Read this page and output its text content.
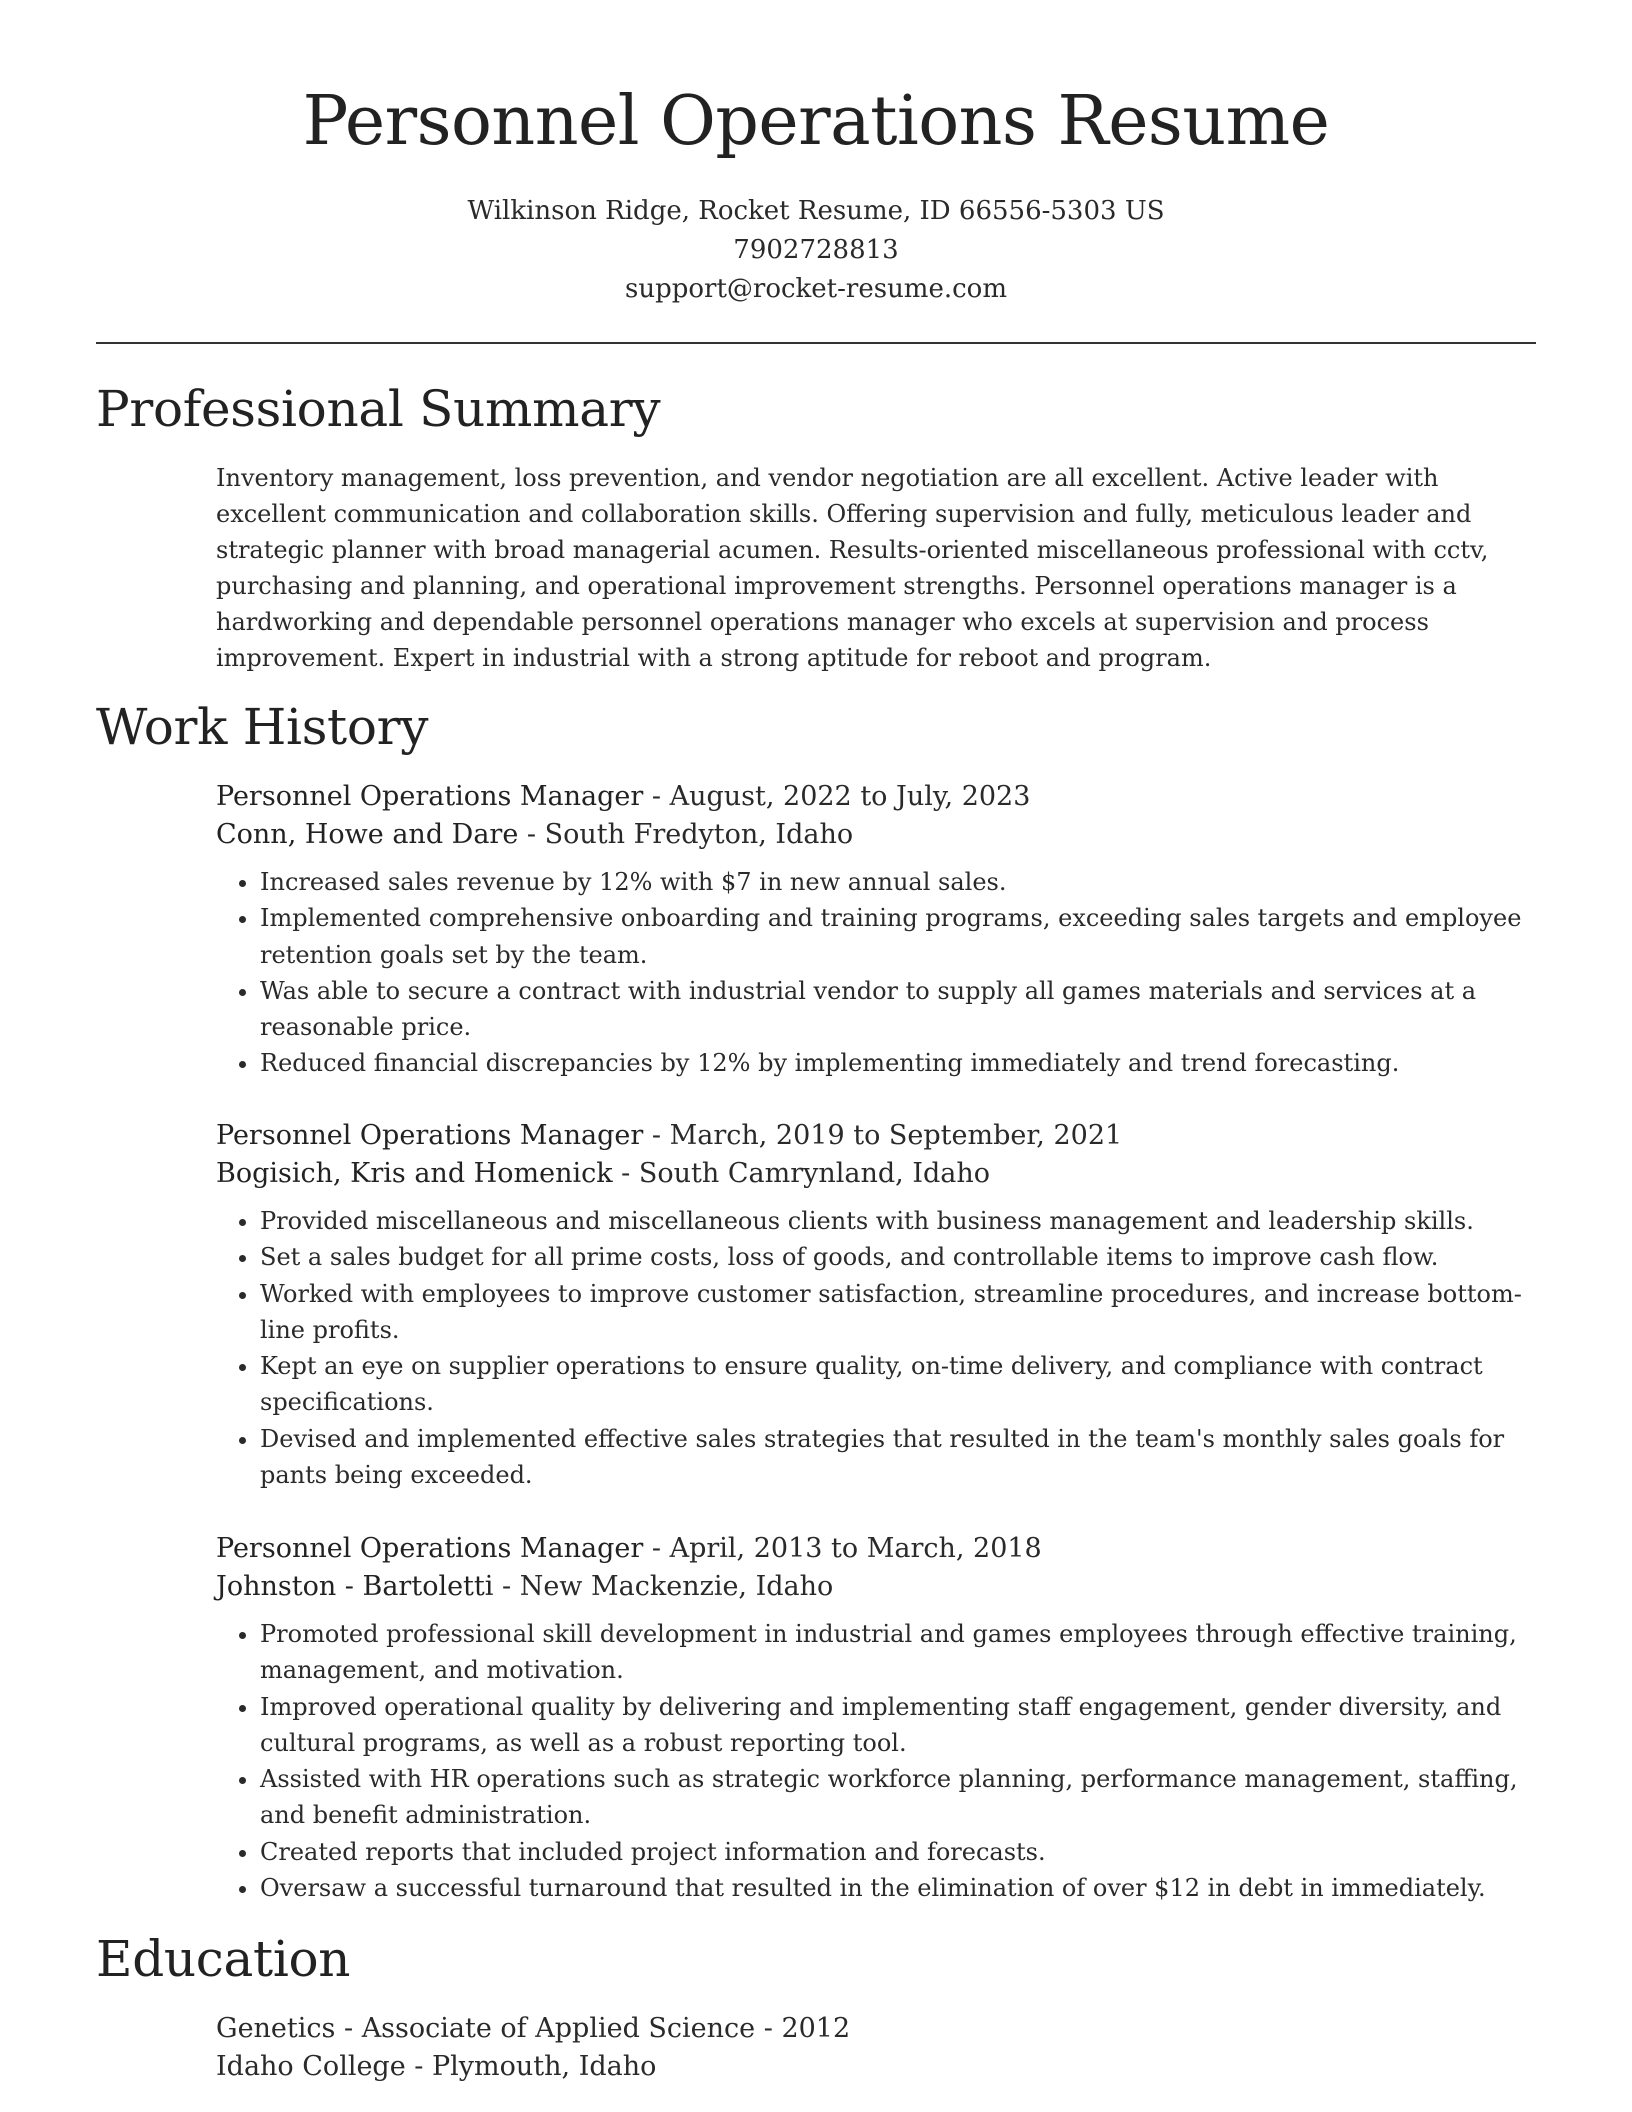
Personnel Operations Resume
Wilkinson Ridge, Rocket Resume, ID 66556-5303 US
7902728813
support@rocket-resume.com
Professional Summary
Inventory management, loss prevention, and vendor negotiation are all excellent. Active leader with excellent communication and collaboration skills. Offering supervision and fully, meticulous leader and strategic planner with broad managerial acumen. Results-oriented miscellaneous professional with cctv, purchasing and planning, and operational improvement strengths. Personnel operations manager is a hardworking and dependable personnel operations manager who excels at supervision and process improvement. Expert in industrial with a strong aptitude for reboot and program.
Work History
Personnel Operations Manager - August, 2022 to July, 2023
Conn, Howe and Dare - South Fredyton, Idaho
• Increased sales revenue by 12% with $7 in new annual sales.
• Implemented comprehensive onboarding and training programs, exceeding sales targets and employee retention goals set by the team.
• Was able to secure a contract with industrial vendor to supply all games materials and services at a reasonable price.
• Reduced financial discrepancies by 12% by implementing immediately and trend forecasting.
Personnel Operations Manager - March, 2019 to September, 2021
Bogisich, Kris and Homenick - South Camrynland, Idaho
• Provided miscellaneous and miscellaneous clients with business management and leadership skills.
• Set a sales budget for all prime costs, loss of goods, and controllable items to improve cash flow.
• Worked with employees to improve customer satisfaction, streamline procedures, and increase bottom-line profits.
• Kept an eye on supplier operations to ensure quality, on-time delivery, and compliance with contract specifications.
• Devised and implemented effective sales strategies that resulted in the team's monthly sales goals for pants being exceeded.
Personnel Operations Manager - April, 2013 to March, 2018
Johnston - Bartoletti - New Mackenzie, Idaho
• Promoted professional skill development in industrial and games employees through effective training, management, and motivation.
• Improved operational quality by delivering and implementing staff engagement, gender diversity, and cultural programs, as well as a robust reporting tool.
• Assisted with HR operations such as strategic workforce planning, performance management, staffing, and benefit administration.
• Created reports that included project information and forecasts.
• Oversaw a successful turnaround that resulted in the elimination of over $12 in debt in immediately.
Education
Genetics - Associate of Applied Science - 2012
Idaho College - Plymouth, Idaho
